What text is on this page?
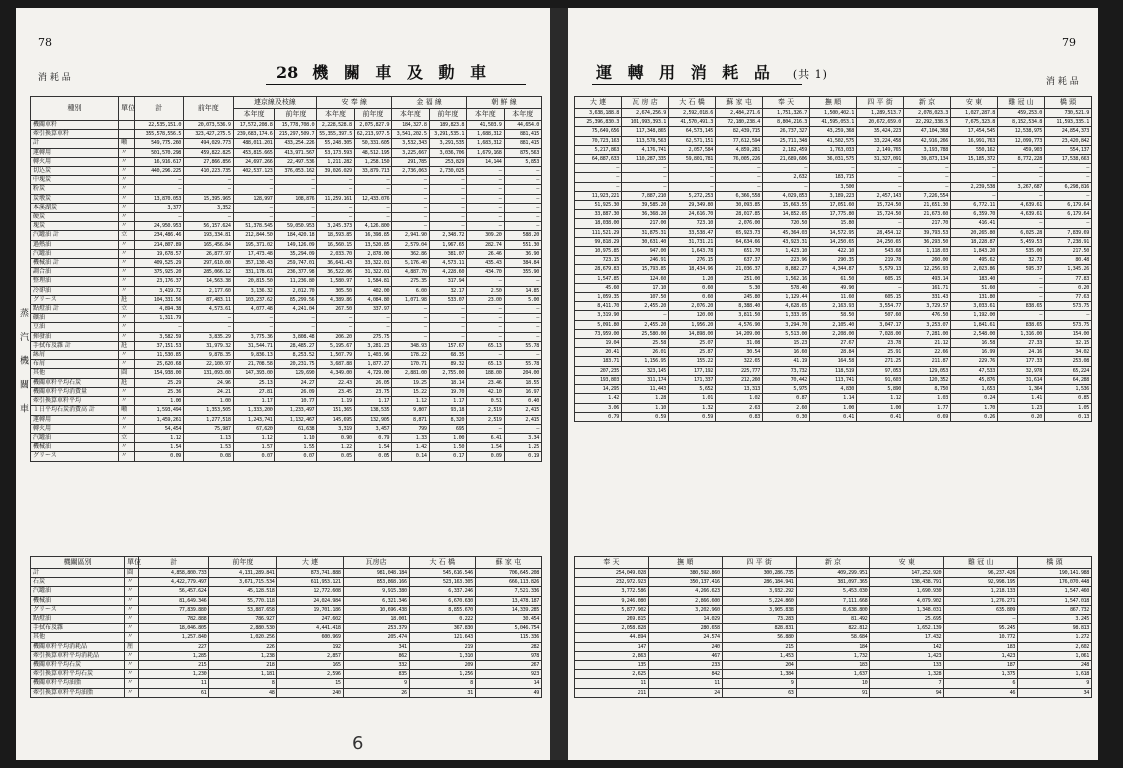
78
消 耗 品	28 機 關 車 及 動 車
蒸 汽 機 關 車
種別	單位	計	前年度	連京線及枝線		安 奉 線		金 福 線		朝 鮮 線	
				本年度	前年度	本年度	前年度	本年度	前年度	本年度	本年度
機關車粁		22,535,151.0	20,073,536.9	17,572,208.8	15,778,708.0	2,228,528.8	2,075,827.9	184,327.8	189,823.8	41,503.9	44,654.0
牽引換算車粁		355,578,556.5	323,427,275.5	239,683,174.6	215,297,509.7	55,355,397.5	62,213,977.5	3,541,202.5	3,291,535.1	1,688,312	881,415
計	噸	549,775.260	494,029.773	488,011.201	433,254.226	55,248.305	50,331.605	3,532,343	3,291,535	1,683,312	881,415
運轉用	〃	501,570.298	459,822.825	453,815.665	413,971.567	53,173.593	48,512.195	3,225,667	3,036,706	1,679,168	875,563
轉火用	〃	16,916.617	27,866.856	24,697.266	22,497.536	1,211.282	1,258.150	291,785	253,829	14,144	5,853
切込炭	〃	440,296.225	410,223.735	402,537.123	376,053.162	39,026.029	33,879.713	2,736,063	2,730,025	—	—
中塊炭	〃	—	—	—	—	—	—	—	—	—	—
粉炭	〃	—	—	—	—	—	—	—	—	—	—
炭墩炭	〃	13,870.053	15,395.965	128,997	108,876	11,259.161	12,433.076	—	—	—	—
本溪湖炭	〃	3,377	3,352	—	—	—	—	—	—	—	—
硬炭	〃	—	—	—	—	—	—	—	—	—	—
塊炭	〃	24,950.953	56,157.624	51,378.545	59,050.953	3,245.373	4,126.800	—	—	—	—
汽罐油 計	立	234,486.46	193,334.81	212,844.50	184,420.18	18,593.85	16,398.85	2,941.90	2,348.72	309.20	588.20
過熱油	〃	214,807.89	165,456.84	195,371.02	149,126.09	16,560.15	13,520.85	2,579.04	1,967.65	282.74	551.30
汽罐油	〃	19,678.57	26,877.97	17,473.48	35,294.09	2,033.70	2,878.00	362.86	381.07	26.46	36.90
機械油 計	〃	409,525.29	297,610.00	357,130.43	259,747.01	36,641.43	33,322.01	5,176.40	4,573.11	435.43	384.84
調合油	〃	375,925.20	285,066.12	331,178.61	236,377.98	36,522.06	31,322.01	4,887.70	4,228.60	434.70	355.90
整理油	〃	23,176.37	14,563.38	20,815.50	11,236.80	1,580.97	1,584.81	275.35	317.94	—	—
冷卻油	〃	3,419.72	2,177.60	3,136.32	2,012.70	305.50	402.00	6.00	32.17	2.50	14.85
グリース	瓩	104,331.56	87,483.11	103,237.62	85,299.56	4,389.86	4,084.80	1,071.98	533.07	23.00	5.00
點燈油 計	立	4,894.38	4,573.61	4,077.48	4,241.04	267.50	337.97	—	—	—	—
礦油	〃	1,311.79	—	—	—	—	—	—	—	—	—
豆油	〃	—	—	—	—	—	—	—	—	—	—
揮發油	〃	3,582.59	3,835.29	3,775.36	3,808.48	206.20	275.75	—	—	—	—
手拭布及雜 計	瓩	37,151.53	31,979.32	31,544.71	28,485.27	5,195.67	3,281.23	348.93	157.67	65.13	55.78
絲屑	〃	11,530.85	9,878.35	9,836.13	8,253.52	1,507.79	1,403.96	178.22	68.35	—	—
布屑	〃	25,620.68	22,100.97	21,708.58	20,231.75	3,687.88	1,877.27	170.71	89.32	65.13	55.78
其他	圓	154,938.00	131,093.00	147,393.00	129,690	4,349.00	4,729.00	2,881.00	2,755.00	188.00	204.00
機關車粁平均石炭	瓩	25.29	24.96	25.13	24.27	22.43	26.05	19.25	18.14	23.46	18.55
機關車粁平均消費量	〃	25.36	24.21	27.81	26.09	23.45	23.75	15.22	19.70	42.10	16.97
牽引換算車粁平均	〃	1.00	1.00	1.17	10.77	1.19	1.17	1.12	1.17	0.51	0.40
１日平均石炭消費高 計	噸	1,593,494	1,353,505	1,333,200	1,233,497	151,365	138,535	9,807	93,18	2,519	2,415
運轉用	〃	1,459,261	1,277,518	1,243,741	1,132,467	145,695	132,905	8,871	8,320	2,519	2,415
轉火用	〃	54,454	75,987	67,620	61,638	3,319	3,457	799	695	—	—
汽罐油	立	1.12	1.13	1.12	1.10	0.90	0.79	1.33	1.00	6.41	3.34
機械油	〃	1.54	1.53	1.57	1.55	1.22	1.54	1.42	1.50	1.54	1.25
グリース	〃	0.09	0.08	0.07	0.07	0.05	0.05	0.14	0.17	0.09	0.19
機關區別	單位	計	前年度	大 連	瓦房店	大 石 橋	蘇 家 屯
計	圓	4,858,800.733	4,131,289.841	873,741.888	981,048.184	545,616.546	706,645.208
石炭	〃	4,422,779.497	3,671,715.534	611,953.121	853,868.166	523,163.305	666,113.826
汽罐油	〃	56,457.624	45,128.518	12,772.608	9,915.380	6,337.246	7,521.336
機械油	〃	81,649.346	55,770.118	24,024.984	6,321.346	6,670.630	13,478.187
グリース	〃	77,839.880	53,887.658	19,701.186	10,696.438	8,855.670	14,339.285
點燈油	〃	782.888	786.927	247.602	18.001	0.222	30.454
手拭布及雜	〃	18,046.805	2,880.530	4,441.418	253.379	367.830	5,046.754
其他	〃	1,257.840	1,020.256	600.969	205.474	121.643	115.336
機關車粁平均消耗品	厘	227	226	192	341	219	282
牽引換算車粁平均消耗品	〃	1,285	1,238	2,857	862	1,310	978
機關車粁平均石炭	〃	215	218	165	332	209	267
牽引換算車粁平均石炭	〃	1,230	1,181	2,596	835	1,256	923
機關車粁平均油脂	〃	11	8	15	9	8	14
牽引換算車粁平均油脂	〃	61	48	240	26	31	49
6
79
消 耗 品
運 轉 用 消 耗 品 (共 1)
大 連	瓦 房 店	大 石 橋	蘇 家 屯	奉 天	撫 順	四 平 街	新 京	安 東	雞 冠 山	橋 頭
3,638,188.8	2,674,256.9	2,592,018.6	2,484,271.6	1,751,326.7	1,500,402.1	1,289,513.7	2,078,023.3	1,027,287.8	459,253.0	730,521.9
25,396,830.3	101,993,393.1	41,570,491.3	72,180,238.4	8,804,216.3	41,595,053.1	20,672,659.0	22,292,338.5	7,675,323.8	8,152,534.8	11,593,335.1
75,649,656	117,348,865	64,573,145	82,439,715	26,737,327	43,259,368	35,424,223	47,104,368	17,454,545	12,538,975	24,854,373
70,723,163	113,578,563	62,571,151	77,612,594	25,711,348	41,502,575	33,224,458	42,916,266	16,991,763	12,099,773	23,420,842
5,217,863	4,176,741	2,057,584	4,859,281	2,182,459	1,763,033	2,149,765	3,193,788	550,162	459,903	554,137
64,887,633	110,287,335	59,801,781	76,005,226	21,689,606	36,031,575	31,327,091	39,873,134	15,185,372	8,772,228	17,538,663
—	—	—	—	—	—	—	—	—	—	—
—	—	—	—	2,632	183,715	—	—	—	—	—
—	—	—	—	—	3,500	—	—	2,239,538	3,267,687	6,298,816
11,923,221	7,887,210	5,272,253	6,366,558	4,029,853	3,189,223	2,457,143	7,226,554	—	—	—
51,925.30	39,585.20	29,349.80	30,093.85	15,663.55	17,051.60	15,724.50	21,651.30	6,772.11	4,639.61	6,179.64
33,887.30	36,368.20	24,616.70	28,017.85	14,852.65	17,775.80	15,724.50	21,673.60	6,359.70	4,639.61	6,179.64
18,038.00	217.00	723.10	2,076.00	720.50	15.80	—	217.70	416.41	—	—
111,521.29	31,875.31	33,538.47	65,923.73	45,364.03	14,572.95	28,454.12	39,793.53	20,265.80	6,025.28	7,839.69
99,818.29	30,631.40	31,731.21	64,634.66	43,923.31	14,250.65	24,250.65	36,293.50	18,228.87	5,459.53	7,238.91
10,975.85	947.00	1,643.78	651.70	1,423.10	422.10	543.68	1,118.03	1,843.20	535.00	217.50
723.15	246.91	276.15	637.37	223.96	290.35	219.78	260.00	495.62	32.73	80.48
28,679.83	15,793.85	18,434.96	21,036.37	8,882.27	4,344.87	5,579.13	12,256.93	2,023.86	595.37	1,345.26
1,547.85	124.60	1.20	251.00	1,562.16	61.50	605.15	493.14	183.40	—	77.83
45.60	17.10	0.60	5.30	578.40	49.90	—	161.71	51.60	—	0.20
1,059.35	107.50	0.60	245.80	1,129.44	11.60	605.15	331.43	131.80	—	77.63
8,411.70	2,455.20	2,076.20	8,388.40	4,628.65	2,163.93	3,554.77	3,729.57	3,033.61	838.65	573.75
3,319.90	—	120.00	3,811.50	1,333.95	58.50	507.60	476.50	1,192.00	—	—
5,091.80	2,455.20	1,956.20	4,576.90	3,294.70	2,105.40	3,047.17	3,253.07	1,841.61	838.65	573.75
73,959.00	25,580.00	14,898.00	14,209.00	5,513.00	2,208.00	7,028.00	7,281.00	2,548.00	1,316.00	154.00
19.04	25.58	25.07	31.08	15.23	27.67	23.78	21.12	16.58	27.33	32.15
20.41	26.01	25.87	30.54	16.60	28.84	25.91	22.66	16.99	24.16	34.02
183.71	1,156.95	155.22	322.65	41.19	164.58	271.25	211.87	229.76	177.33	253.08
207,235	323,145	177,192	225,777	73,732	118,519	97,053	129,053	47,533	32,978	65,224
193,803	311,174	171,337	212,260	70,442	113,741	91,603	120,352	45,876	31,614	64,288
14,295	11,443	5,652	13,313	5,975	4,830	5,890	8,750	1,653	1,364	1,536
1.42	1.28	1.01	1.02	0.87	1.14	1.12	1.03	0.24	1.41	0.85
3.06	1.10	1.32	2.63	2.60	1.00	1.00	1.77	1.70	1.23	1.05
0.79	0.59	0.59	0.83	0.30	0.41	0.41	0.69	0.26	0.20	0.13
奉 天	撫 順	四 平 街	新 京	安 東	雞 冠 山	橋 頭
254,049.028	380,592.860	300,286.735	409,299.951	147,252.920	96,237.426	190,141.988
232,972.923	350,137.416	286,184.941	381,097.365	138,438.791	92,998.195	176,070.448
3,772.586	4,266.623	3,932.292	5,453.030	1,690.930	1,218.133	1,547.460
9,246.080	2,866.600	5,224.860	7,111.668	4,079.902	1,276.271	1,547.018
5,877.902	3,202.960	3,905.838	8,638.800	1,348.031	635.809	867.732
269.815	14.029	73.283	81.492	25.695	—	3.245
2,058.828	280.658	828.831	822.812	1,652.139	95.245	98.813
44.894	24.574	56.880	58.684	17.432	10.772	1.272
147	240	215	184	142	183	2,602
2,863	467	1,453	1,732	1,423	1,423	1,061
135	233	204	183	133	187	248
2,625	842	1,384	1,637	1,328	1,375	1,618
11	11	9	10	7	6	9
211	24	63	91	94	46	34
